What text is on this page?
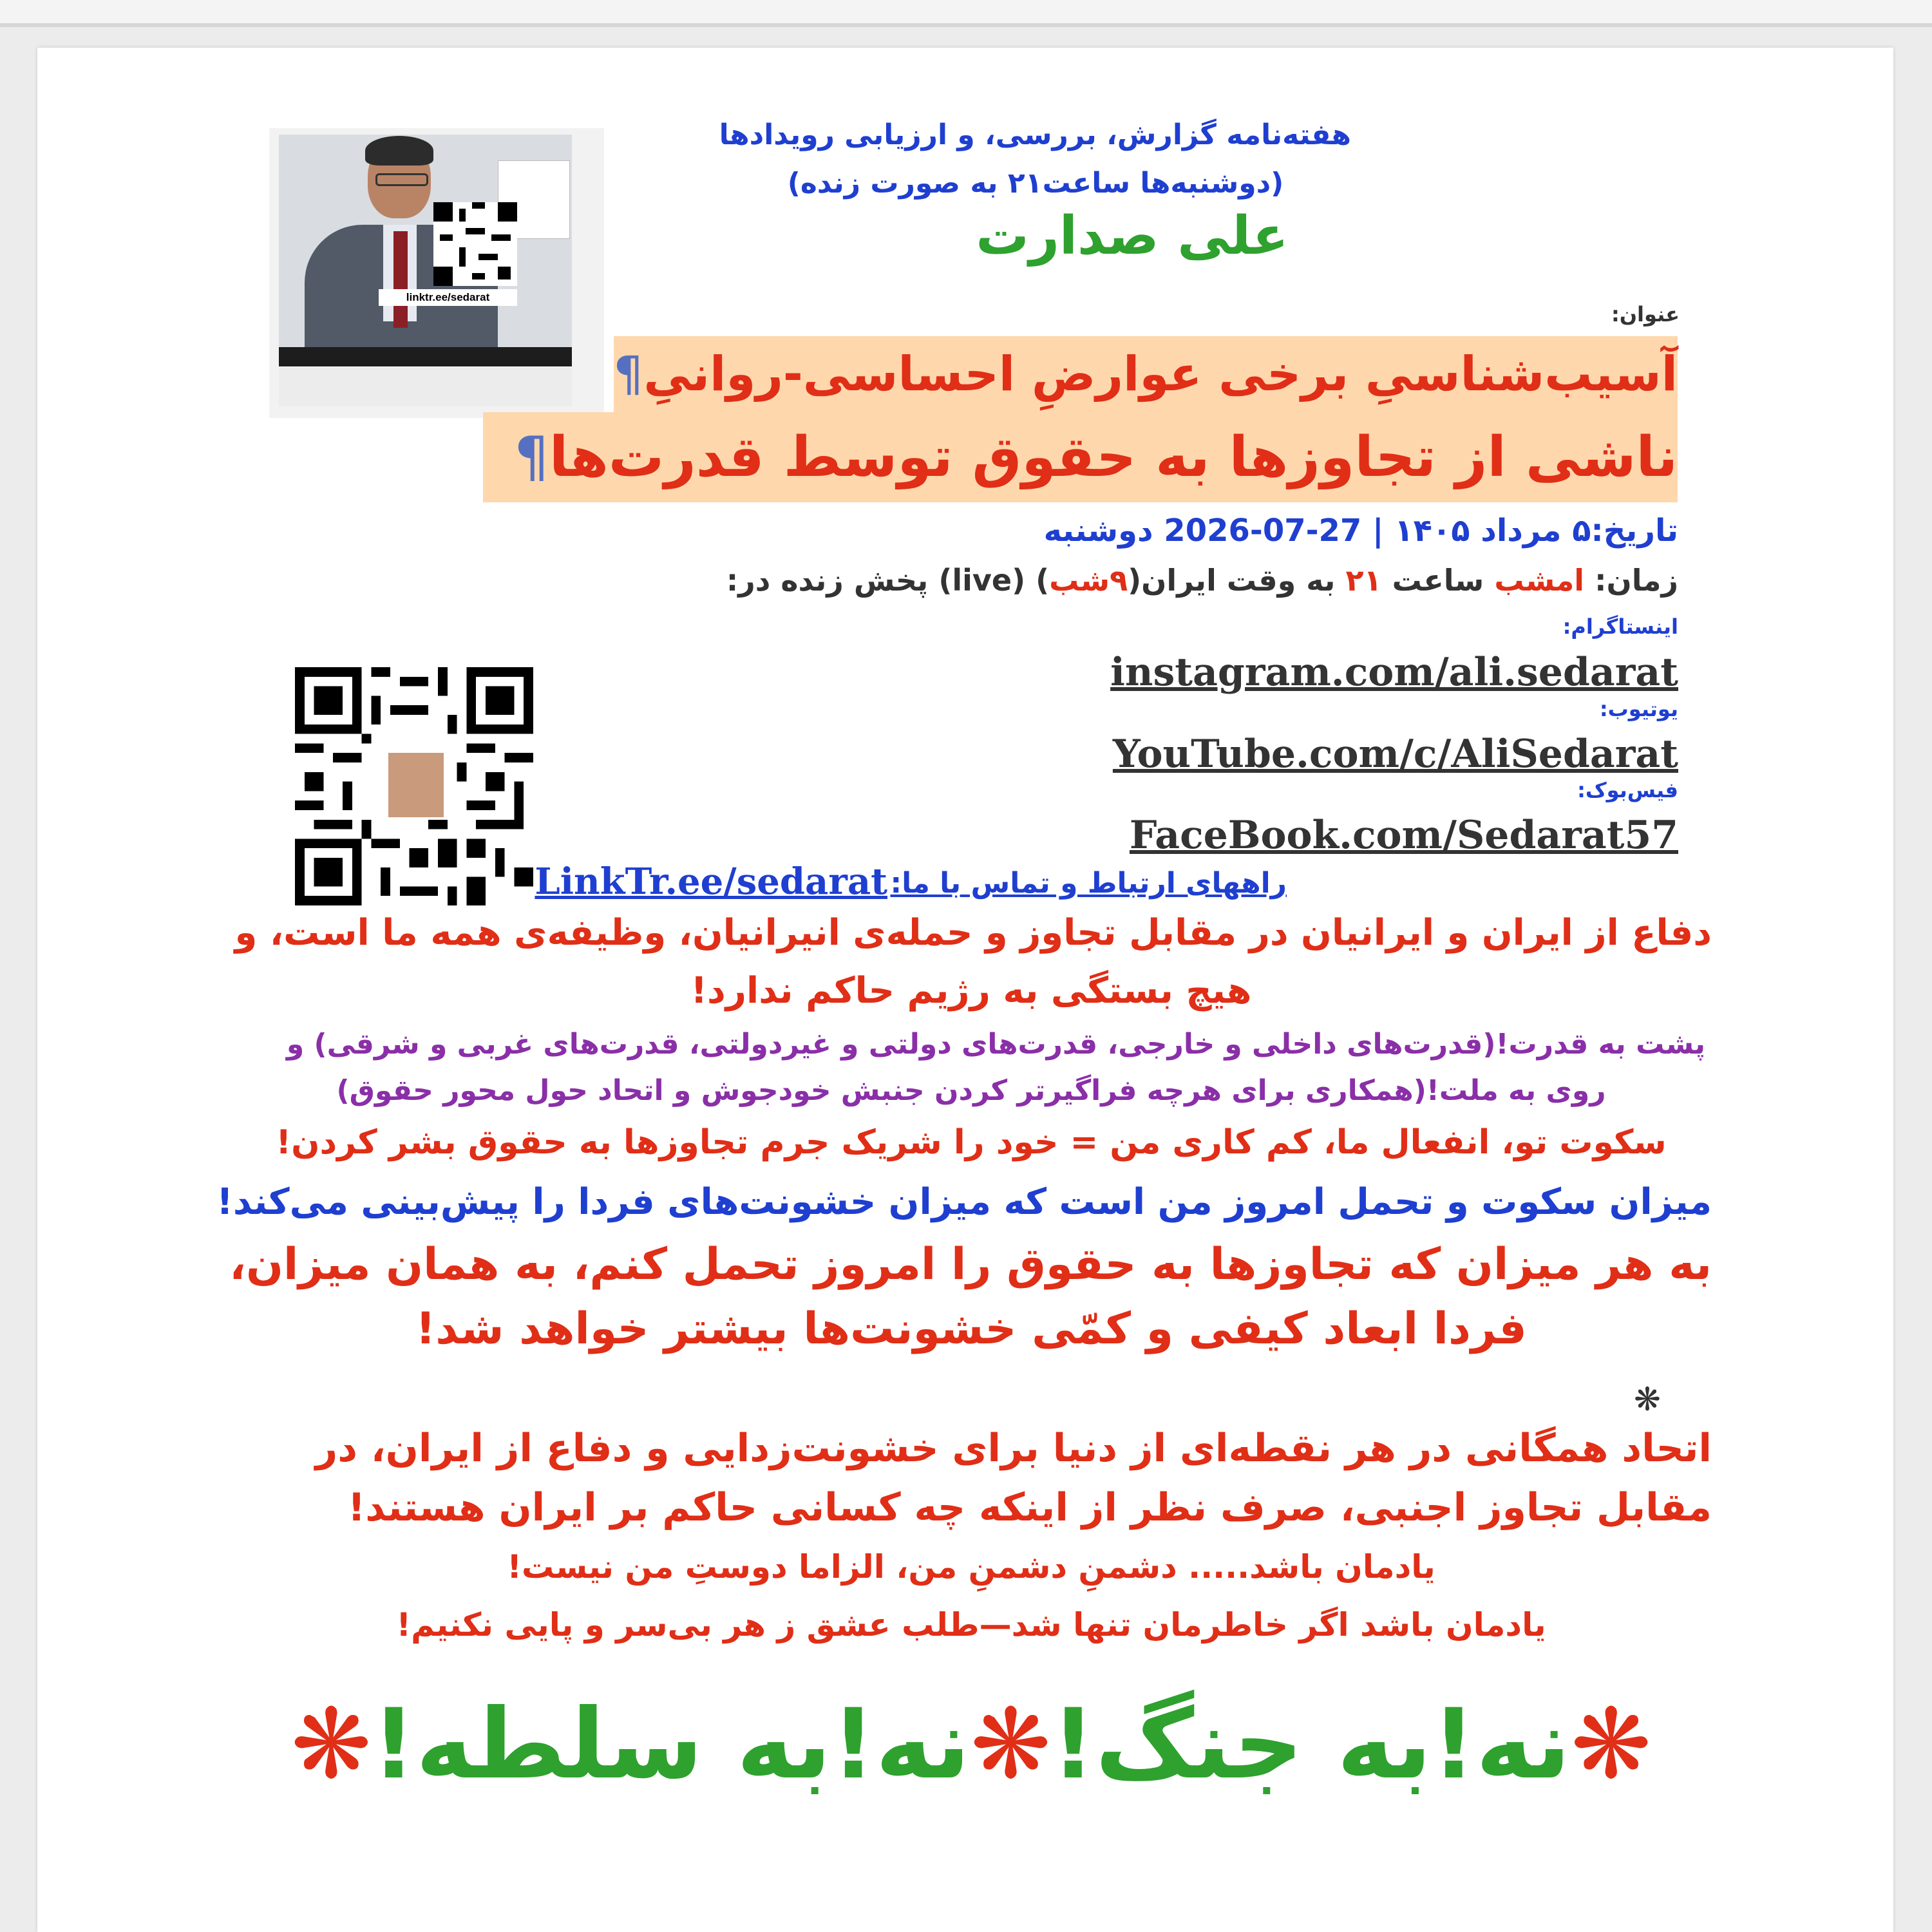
linktr.ee/sedarat
هفته‌نامه گزارش، بررسی، و ارزیابی رویدادها
(دوشنبه‌ها ساعت۲۱ به صورت زنده)
علی صدارت
عنوان:
آسیب‌شناسیِ برخی عوارضِ احساسی-روانیِ¶
ناشی از تجاوزها به حقوق توسط قدرت‌ها¶
تاریخ:۵ مرداد ۱۴۰۵ | 2026-07-27 دوشنبه
زمان: امشب ساعت ۲۱ به وقت ایران(۹شب) (live) پخش زنده در:
اینستاگرام:
instagram.com/ali.sedarat
یوتیوب:
YouTube.com/c/AliSedarat
فیس‌بوک:
FaceBook.com/Sedarat57
راههای ارتباط و تماس با ما:
LinkTr.ee/sedarat
دفاع از ایران و ایرانیان در مقابل تجاوز و حمله‌ی انیرانیان، وظیفه‌ی همه ما است، و
هیچ بستگی به رژیم حاکم ندارد!
پشت به قدرت!(قدرت‌های داخلی و خارجی، قدرت‌های دولتی و غیردولتی، قدرت‌های غربی و شرقی) و
روی به ملت!(همکاری برای هرچه فراگیرتر کردن جنبش خودجوش و اتحاد حول محور حقوق)
سکوت تو، انفعال ما، کم کاری من = خود را شریک جرم تجاوزها به حقوق بشر کردن!
میزان سکوت و تحمل امروز من است که میزان خشونت‌های فردا را پیش‌بینی می‌کند!
به هر میزان که تجاوزها به حقوق را امروز تحمل کنم، به همان میزان،
فردا ابعاد کیفی و کمّی خشونت‌ها بیشتر خواهد شد!
❋
اتحاد همگانی در هر نقطه‌ای از دنیا برای خشونت‌زدایی و دفاع از ایران، در
مقابل تجاوز اجنبی، صرف نظر از اینکه چه کسانی حاکم بر ایران هستند!
یادمان باشد..... دشمنِ دشمنِ من، الزاما دوستِ من نیست!
یادمان باشد اگر خاطرمان تنها شد—طلب عشق ز هر بی‌سر و پایی نکنیم!
❋نه!به جنگ!❋نه!به سلطه!❋
